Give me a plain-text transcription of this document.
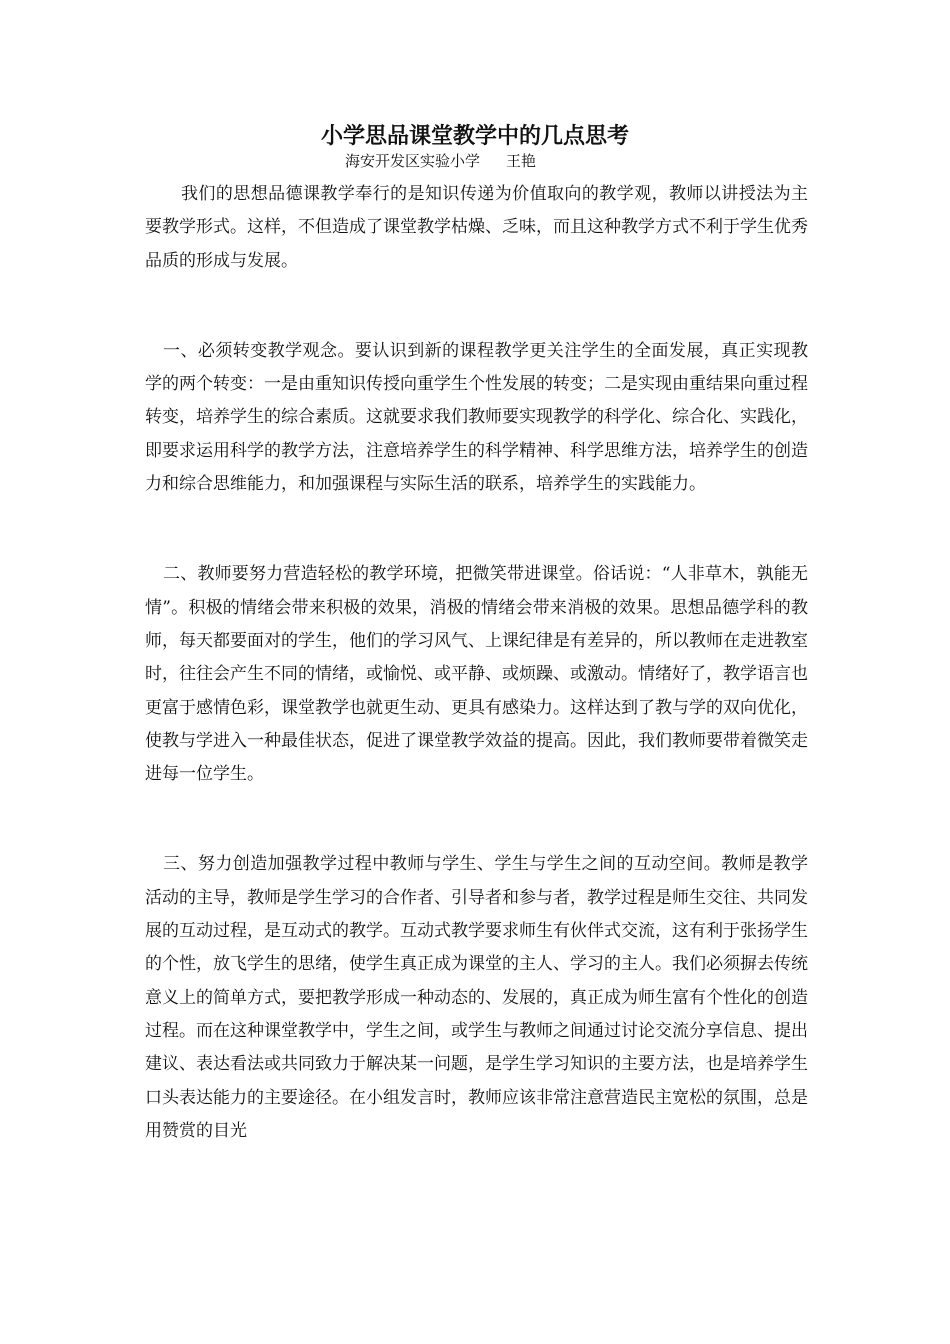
小学思品课堂教学中的几点思考
海安开发区实验小学 王艳

我们的思想品德课教学奉行的是知识传递为价值取向的教学观，教师以讲授法为主要教学形式。这样，不但造成了课堂教学枯燥、乏味，而且这种教学方式不利于学生优秀品质的形成与发展。

一、必须转变教学观念。要认识到新的课程教学更关注学生的全面发展，真正实现教学的两个转变：一是由重知识传授向重学生个性发展的转变；二是实现由重结果向重过程转变，培养学生的综合素质。这就要求我们教师要实现教学的科学化、综合化、实践化，即要求运用科学的教学方法，注意培养学生的科学精神、科学思维方法，培养学生的创造力和综合思维能力，和加强课程与实际生活的联系，培养学生的实践能力。

二、教师要努力营造轻松的教学环境，把微笑带进课堂。俗话说：“人非草木，孰能无情”。积极的情绪会带来积极的效果，消极的情绪会带来消极的效果。思想品德学科的教师，每天都要面对的学生，他们的学习风气、上课纪律是有差异的，所以教师在走进教室时，往往会产生不同的情绪，或愉悦、或平静、或烦躁、或激动。情绪好了，教学语言也更富于感情色彩，课堂教学也就更生动、更具有感染力。这样达到了教与学的双向优化，使教与学进入一种最佳状态，促进了课堂教学效益的提高。因此，我们教师要带着微笑走进每一位学生。

三、努力创造加强教学过程中教师与学生、学生与学生之间的互动空间。教师是教学活动的主导，教师是学生学习的合作者、引导者和参与者，教学过程是师生交往、共同发展的互动过程，是互动式的教学。互动式教学要求师生有伙伴式交流，这有利于张扬学生的个性，放飞学生的思绪，使学生真正成为课堂的主人、学习的主人。我们必须摒去传统意义上的简单方式，要把教学形成一种动态的、发展的，真正成为师生富有个性化的创造过程。而在这种课堂教学中，学生之间，或学生与教师之间通过讨论交流分享信息、提出建议、表达看法或共同致力于解决某一问题，是学生学习知识的主要方法，也是培养学生口头表达能力的主要途径。在小组发言时，教师应该非常注意营造民主宽松的氛围，总是用赞赏的目光
